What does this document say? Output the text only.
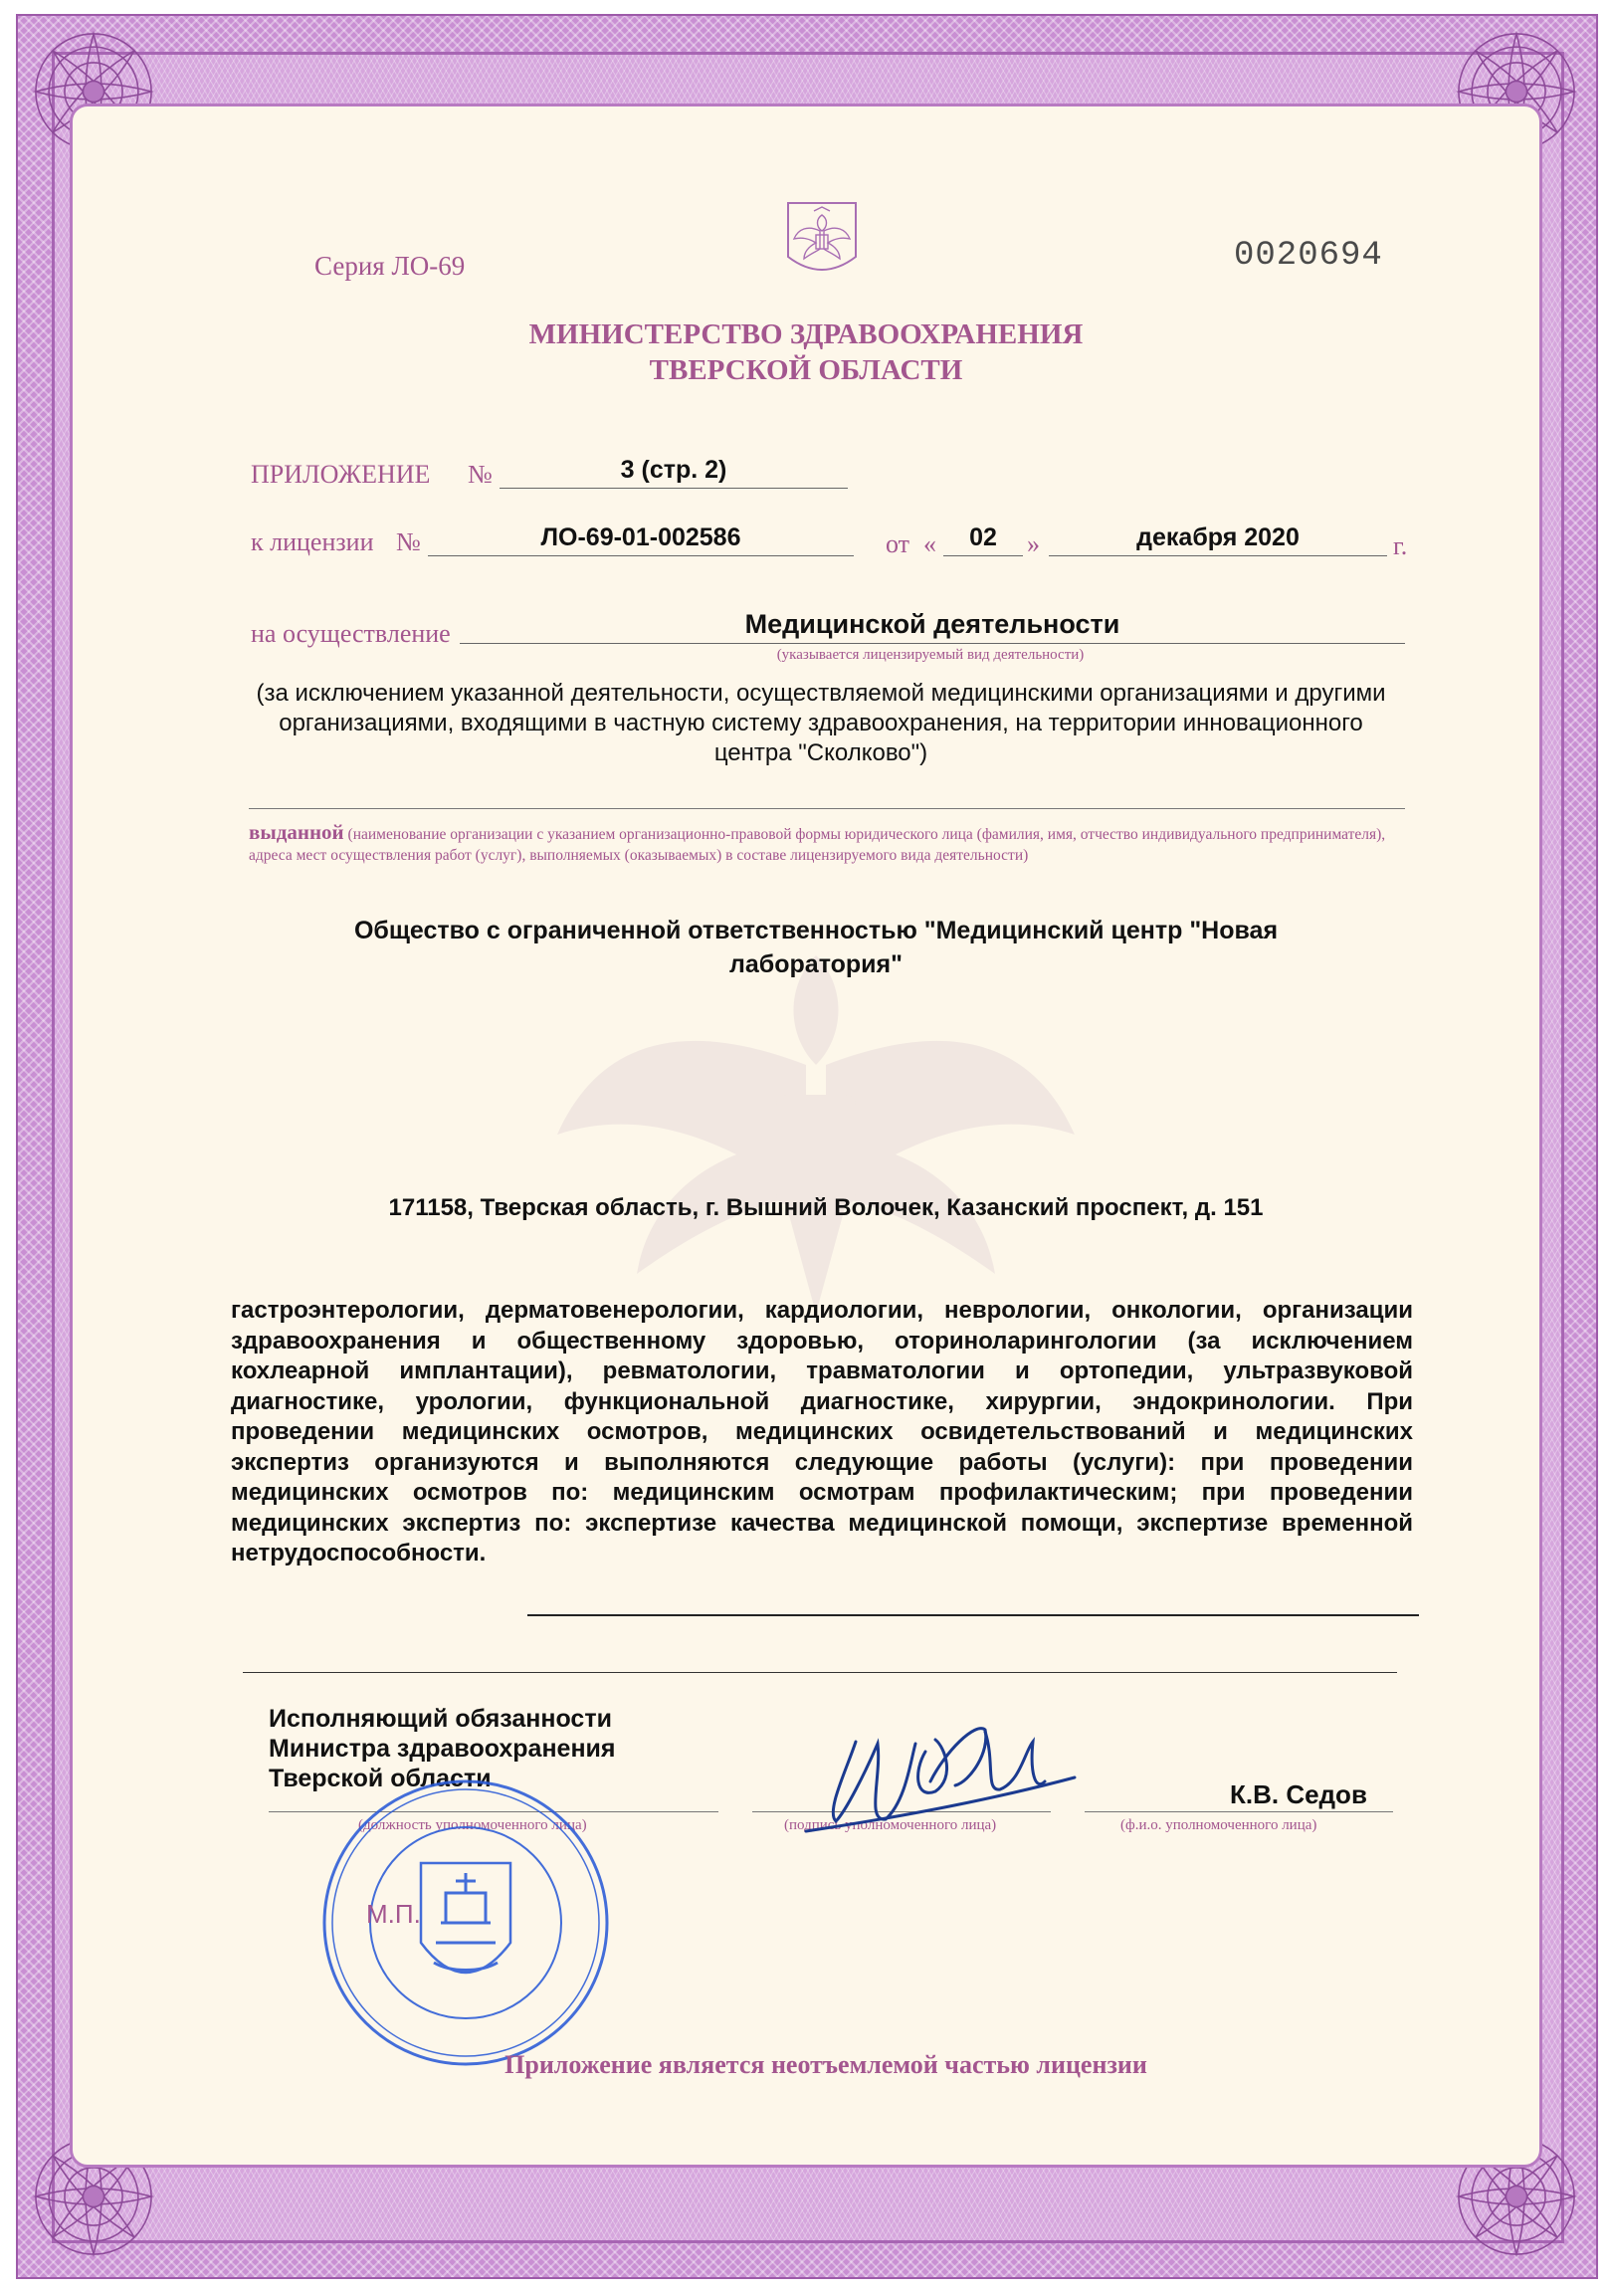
Серия ЛО-69	0020694
МИНИСТЕРСТВО ЗДРАВООХРАНЕНИЯ
ТВЕРСКОЙ ОБЛАСТИ
ПРИЛОЖЕНИЕ №	3 (стр. 2)
к лицензии №	ЛО-69-01-002586	от «	02	»	декабря 2020	г.
на осуществление	Медицинской деятельности
(указывается лицензируемый вид деятельности)
(за исключением указанной деятельности, осуществляемой медицинскими организациями и другими организациями, входящими в частную систему здравоохранения, на территории инновационного центра "Сколково")
выданной (наименование организации с указанием организационно-правовой формы юридического лица (фамилия, имя, отчество индивидуального предпринимателя), адреса мест осуществления работ (услуг), выполняемых (оказываемых) в составе лицензируемого вида деятельности)
Общество с ограниченной ответственностью "Медицинский центр "Новая лаборатория"
171158, Тверская область, г. Вышний Волочек, Казанский проспект, д. 151
гастроэнтерологии, дерматовенерологии, кардиологии, неврологии, онкологии, организации здравоохранения и общественному здоровью, оториноларингологии (за исключением кохлеарной имплантации), ревматологии, травматологии и ортопедии, ультразвуковой диагностике, урологии, функциональной диагностике, хирургии, эндокринологии. При проведении медицинских осмотров, медицинских освидетельствований и медицинских экспертиз организуются и выполняются следующие работы (услуги): при проведении медицинских осмотров по: медицинским осмотрам профилактическим; при проведении медицинских экспертиз по: экспертизе качества медицинской помощи, экспертизе временной нетрудоспособности.
Исполняющий обязанности
Министра здравоохранения
Тверской области
(должность уполномоченного лица)	(подпись уполномоченного лица)	(ф.и.о. уполномоченного лица)
К.В. Седов
М.П.
Приложение является неотъемлемой частью лицензии
